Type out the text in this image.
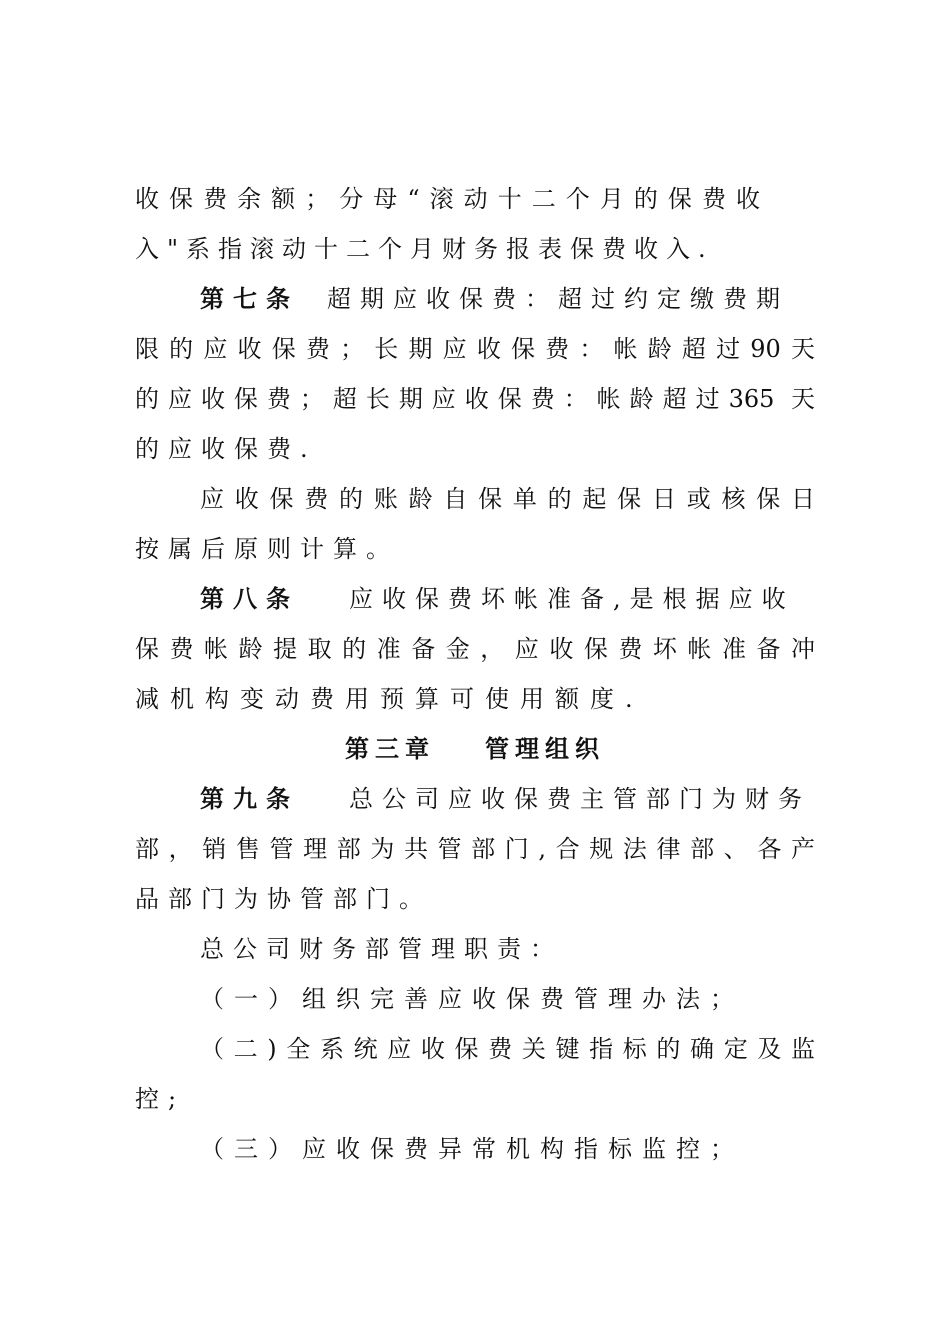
收保费余额；分母“滚动十二个月的保费收
入"系指滚动十二个月财务报表保费收入.
第七条 超期应收保费：超过约定缴费期
限的应收保费；长期应收保费：帐龄超过90天
的应收保费；超长期应收保费：帐龄超过365 天
的应收保费.
应收保费的账龄自保单的起保日或核保日
按属后原则计算。
第八条 应收保费坏帐准备,是根据应收
保费帐龄提取的准备金，应收保费坏帐准备冲
减机构变动费用预算可使用额度.
第三章 管理组织
第九条 总公司应收保费主管部门为财务
部，销售管理部为共管部门,合规法律部、各产
品部门为协管部门。
总公司财务部管理职责：
（一）组织完善应收保费管理办法；
（二)全系统应收保费关键指标的确定及监
控;
（三）应收保费异常机构指标监控；
